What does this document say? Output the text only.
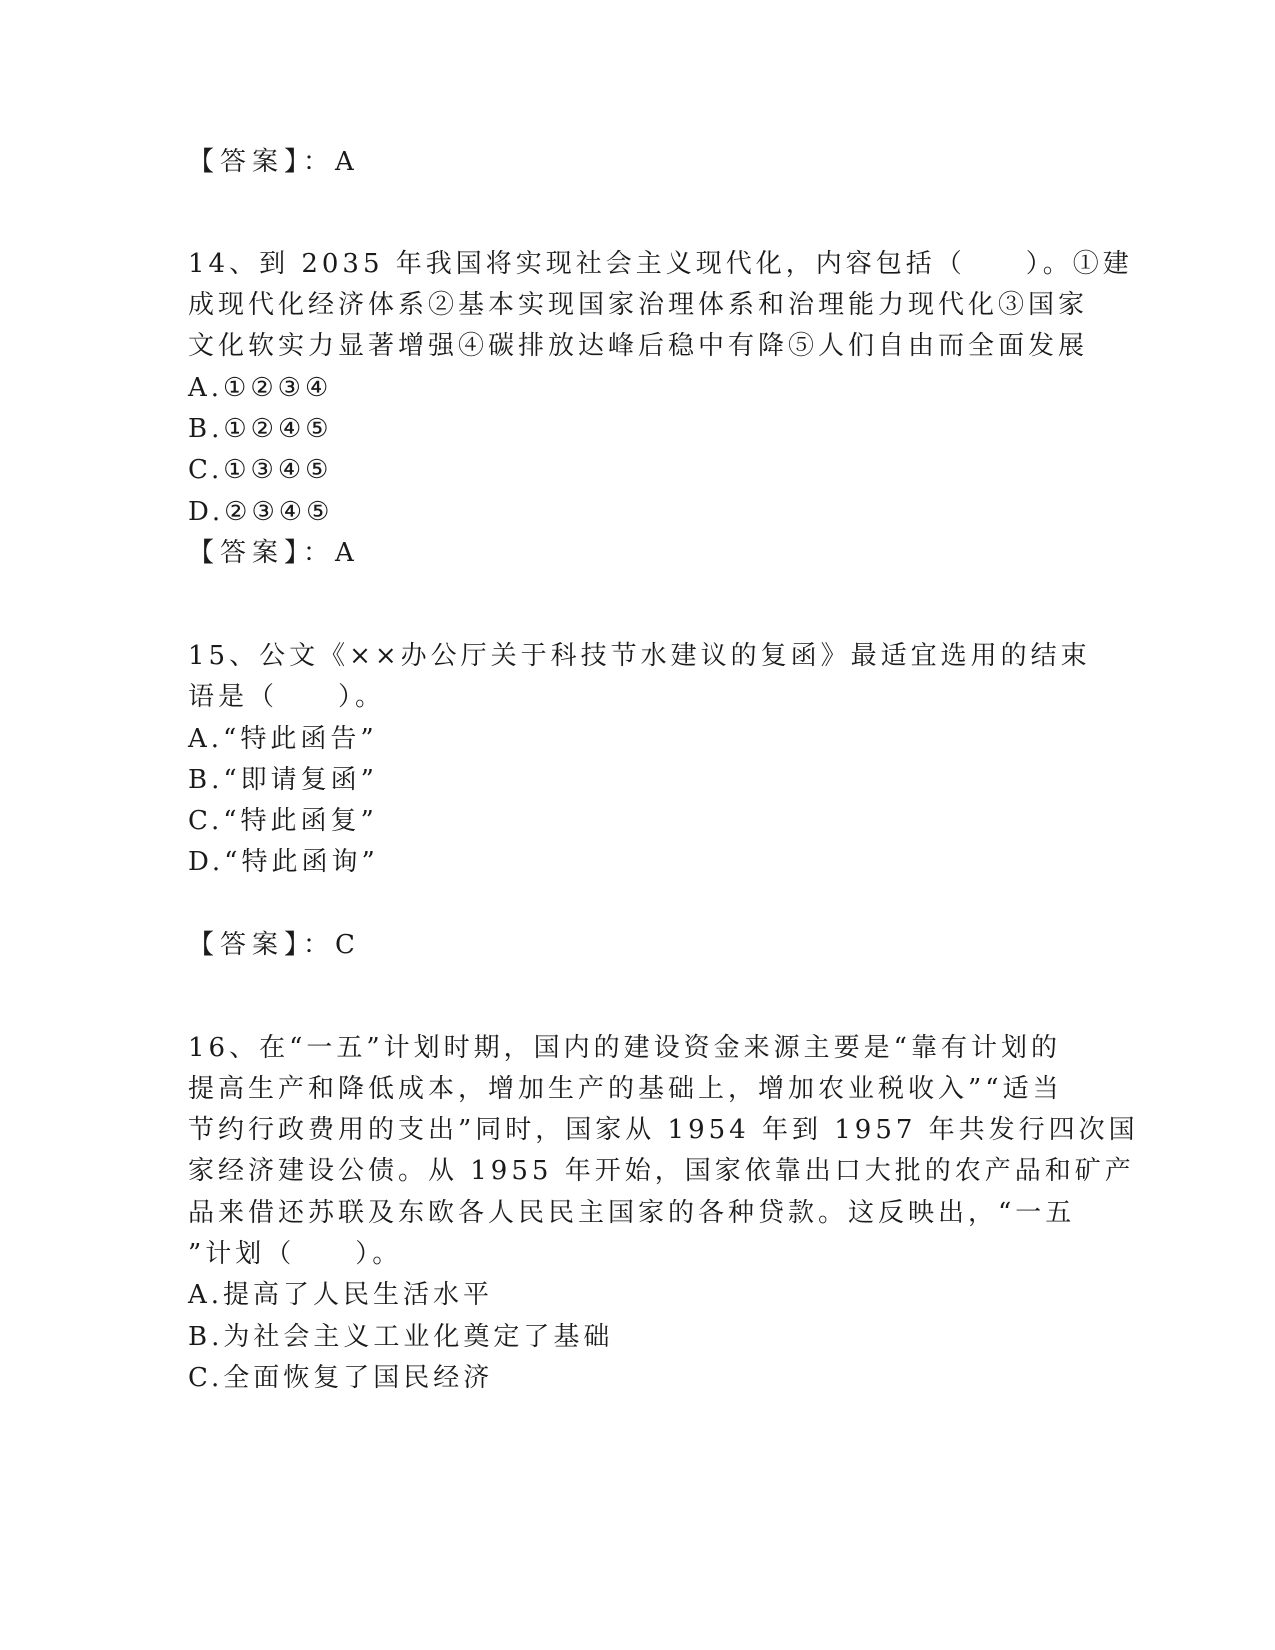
【答案】：A
14、到 2035 年我国将实现社会主义现代化，内容包括（　　）。①建
成现代化经济体系②基本实现国家治理体系和治理能力现代化③国家
文化软实力显著增强④碳排放达峰后稳中有降⑤人们自由而全面发展
A.①②③④
B.①②④⑤
C.①③④⑤
D.②③④⑤
【答案】：A
15、公文《××办公厅关于科技节水建议的复函》最适宜选用的结束
语是（　　）。
A.“特此函告”
B.“即请复函”
C.“特此函复”
D.“特此函询”
【答案】：C
16、在“一五”计划时期，国内的建设资金来源主要是“靠有计划的
提高生产和降低成本，增加生产的基础上，增加农业税收入”“适当
节约行政费用的支出”同时，国家从 1954 年到 1957 年共发行四次国
家经济建设公债。从 1955 年开始，国家依靠出口大批的农产品和矿产
品来借还苏联及东欧各人民民主国家的各种贷款。这反映出，“一五
”计划（　　）。
A.提高了人民生活水平
B.为社会主义工业化奠定了基础
C.全面恢复了国民经济
